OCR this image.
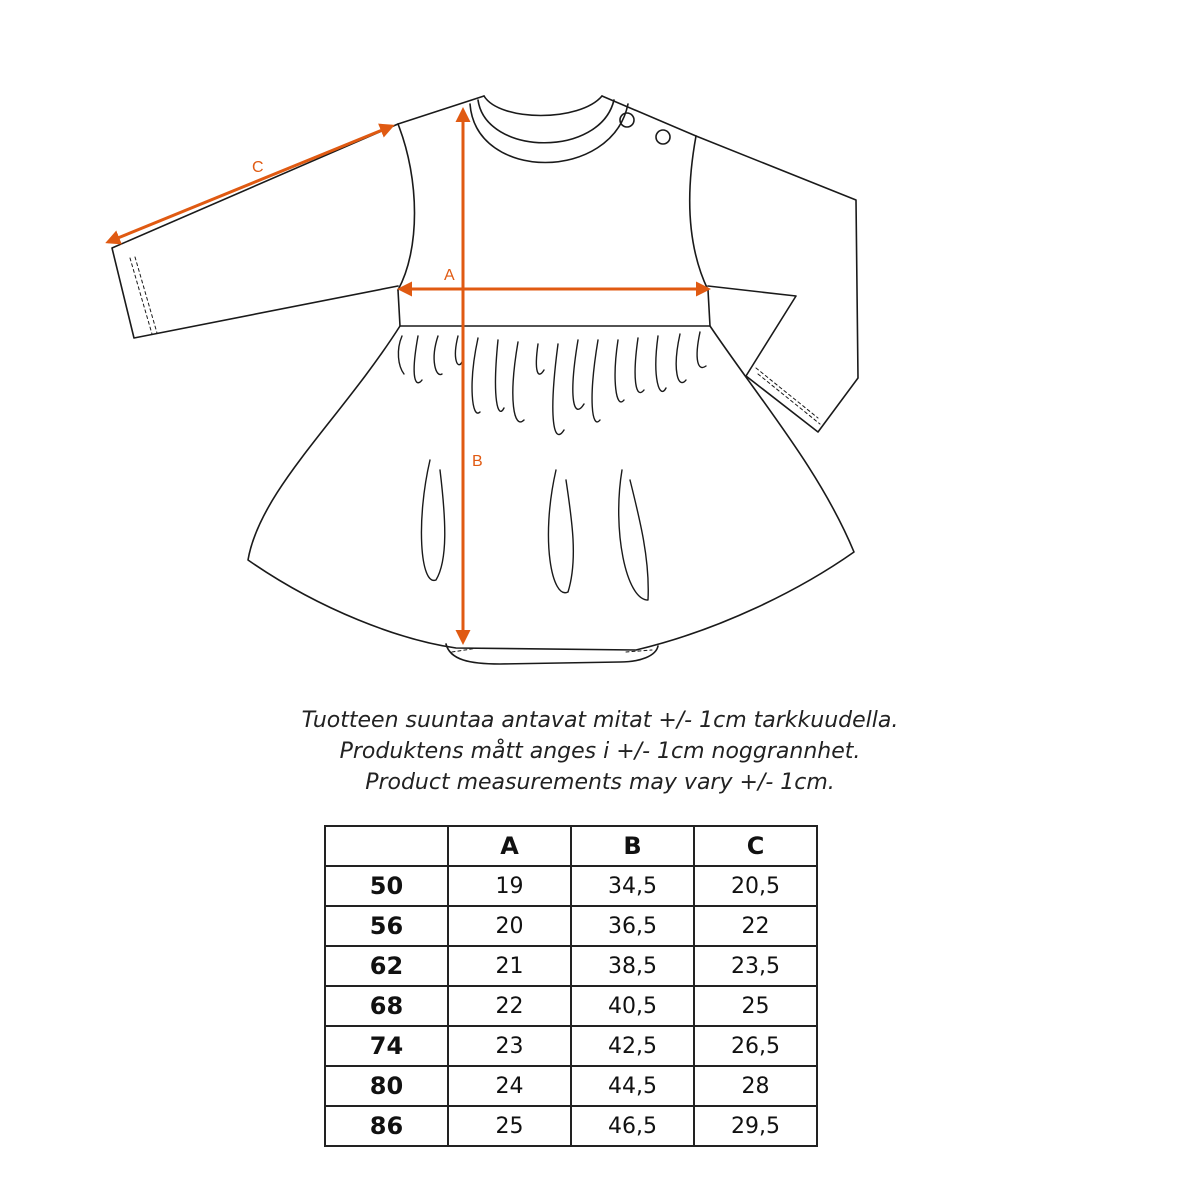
C
A
B
Tuotteen suuntaa antavat mitat +/- 1cm tarkkuudella.
Produktens mått anges i +/- 1cm noggrannhet.
Product measurements may vary +/- 1cm.
	A	B	C
50	19	34,5	20,5
56	20	36,5	22
62	21	38,5	23,5
68	22	40,5	25
74	23	42,5	26,5
80	24	44,5	28
86	25	46,5	29,5
